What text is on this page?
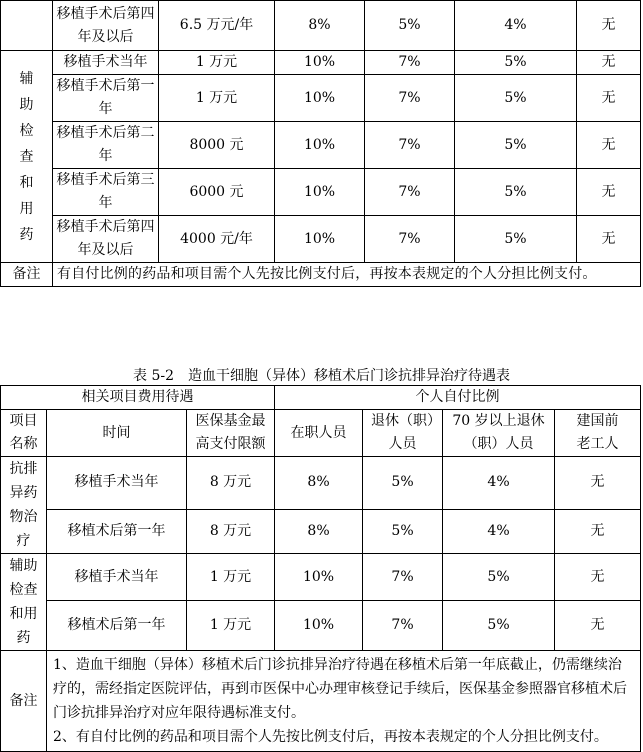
	移植手术后第四年及以后	6.5 万元/年	8%	5%	4%	无

辅助检查和用药	移植手术当年	1 万元	10%	7%	5%	无
	移植手术后第一年	1 万元	10%	7%	5%	无
	移植手术后第二年	8000 元	10%	7%	5%	无
	移植手术后第三年	6000 元	10%	7%	5%	无
	移植手术后第四年及以后	4000 元/年	10%	7%	5%	无
备注	有自付比例的药品和项目需个人先按比例支付后，再按本表规定的个人分担比例支付。					
表 5-2　造血干细胞（异体）移植术后门诊抗排异治疗待遇表
相关项目费用待遇			个人自付比例			

项目名称	时间	医保基金最高支付限额	在职人员	退休（职）人员	70 岁以上退休（职）人员	建国前老工人

抗排异药物治疗	移植手术当年	8 万元	8%	5%	4%	无
	移植术后第一年	8 万元	8%	5%	4%	无

辅助检查和用药	移植手术当年	1 万元	10%	7%	5%	无
	移植术后第一年	1 万元	10%	7%	5%	无
备注	1、造血干细胞（异体）移植术后门诊抗排异治疗待遇在移植术后第一年底截止，仍需继续治疗的，需经指定医院评估，再到市医保中心办理审核登记手续后，医保基金参照器官移植术后门诊抗排异治疗对应年限待遇标准支付。
2、有自付比例的药品和项目需个人先按比例支付后，再按本表规定的个人分担比例支付。					
